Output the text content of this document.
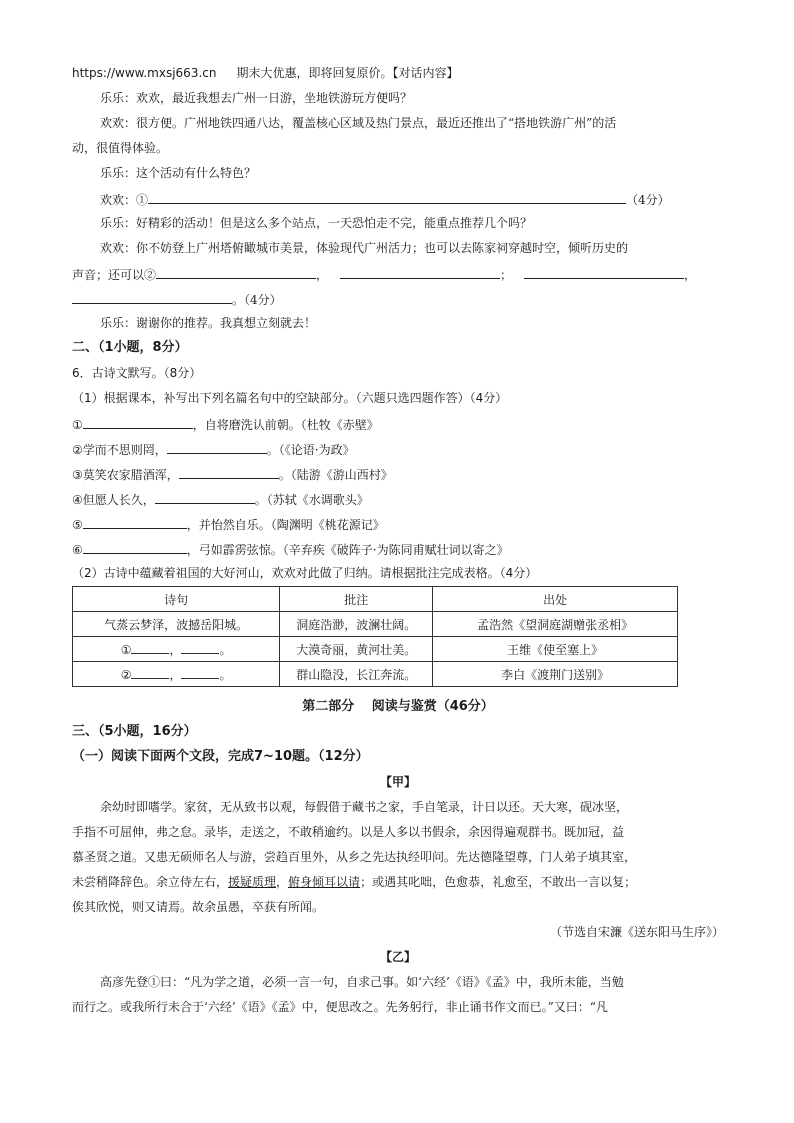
https://www.mxsj663.cn 期末大优惠，即将回复原价。【对话内容】
乐乐：欢欢，最近我想去广州一日游，坐地铁游玩方便吗？
欢欢：很方便。广州地铁四通八达，覆盖核心区域及热门景点，最近还推出了“搭地铁游广州”的活
动，很值得体验。
乐乐：这个活动有什么特色？
欢欢：①	（4分）
乐乐：好精彩的活动！但是这么多个站点，一天恐怕走不完，能重点推荐几个吗？
欢欢：你不妨登上广州塔俯瞰城市美景，体验现代广州活力；也可以去陈家祠穿越时空，倾听历史的
声音；还可以②	，	；	，
。（4分）
乐乐：谢谢你的推荐。我真想立刻就去！
二、（1小题，8分）
6．古诗文默写。（8分）
（1）根据课本，补写出下列名篇名句中的空缺部分。（六题只选四题作答）（4分）
①	，自将磨洗认前朝。（杜牧《赤壁》
②学而不思则罔，	。（《论语·为政》
③莫笑农家腊酒浑，	。（陆游《游山西村》
④但愿人长久，	。（苏轼《水调歌头》
⑤	，并怡然自乐。（陶渊明《桃花源记》
⑥	，弓如霹雳弦惊。（辛弃疾《破阵子·为陈同甫赋壮词以寄之》
（2）古诗中蕴藏着祖国的大好河山，欢欢对此做了归纳。请根据批注完成表格。（4分）
诗句	批注	出处
气蒸云梦泽，波撼岳阳城。	洞庭浩渺，波澜壮阔。	孟浩然《望洞庭湖赠张丞相》
① ， 。	大漠奇丽，黄河壮美。	王维《使至塞上》
② ， 。	群山隐没，长江奔流。	李白《渡荆门送别》
第二部分　 阅读与鉴赏（46分）
三、（5小题，16分）
（一）阅读下面两个文段，完成7~10题。（12分）
【甲】
余幼时即嗜学。家贫，无从致书以观，每假借于藏书之家，手自笔录，计日以还。天大寒，砚冰坚，
手指不可屈伸，弗之怠。录毕，走送之，不敢稍逾约。以是人多以书假余，余因得遍观群书。既加冠，益
慕圣贤之道。又患无硕师名人与游，尝趋百里外，从乡之先达执经叩问。先达德隆望尊，门人弟子填其室，
未尝稍降辞色。余立侍左右，援疑质理，俯身倾耳以请；或遇其叱咄，色愈恭，礼愈至，不敢出一言以复；
俟其欣悦，则又请焉。故余虽愚，卒获有所闻。
（节选自宋濂《送东阳马生序》）
【乙】
高彦先登①曰：“凡为学之道，必须一言一句，自求己事。如‘六经’《语》《孟》中，我所未能，当勉
而行之。或我所行未合于‘六经’《语》《孟》中，便思改之。先务躬行，非止诵书作文而已。”又曰：“凡
